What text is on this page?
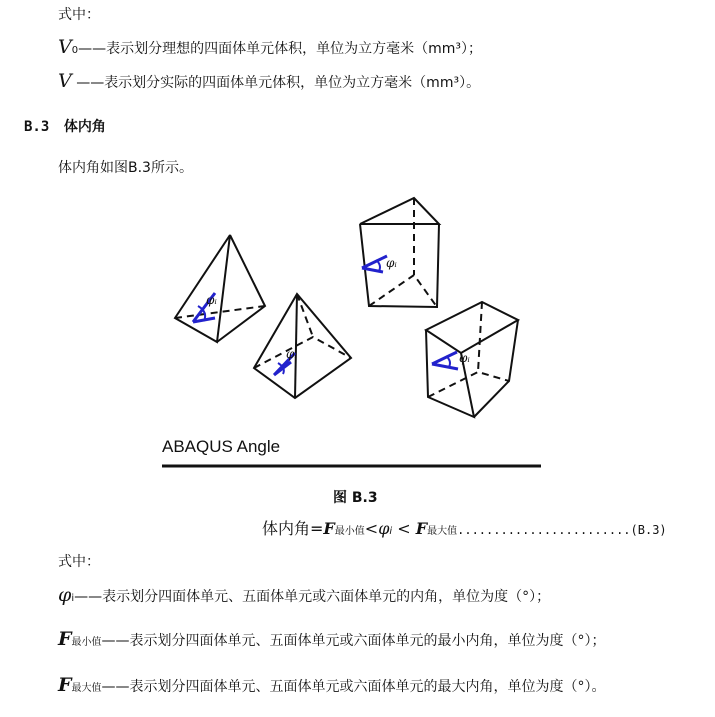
式中：
V0——表示划分理想的四面体单元体积，单位为立方毫米（mm³）；
V ——表示划分实际的四面体单元体积，单位为立方毫米（mm³）。
B.3 体内角
体内角如图B.3所示。
φᵢ
φᵢ
φᵢ
φᵢ
ABAQUS Angle
图 B.3
体内角=F最小值<φi < F最大值........................(B.3)
式中：
φi——表示划分四面体单元、五面体单元或六面体单元的内角，单位为度（°）；
F最小值——表示划分四面体单元、五面体单元或六面体单元的最小内角，单位为度（°）；
F最大值——表示划分四面体单元、五面体单元或六面体单元的最大内角，单位为度（°）。
